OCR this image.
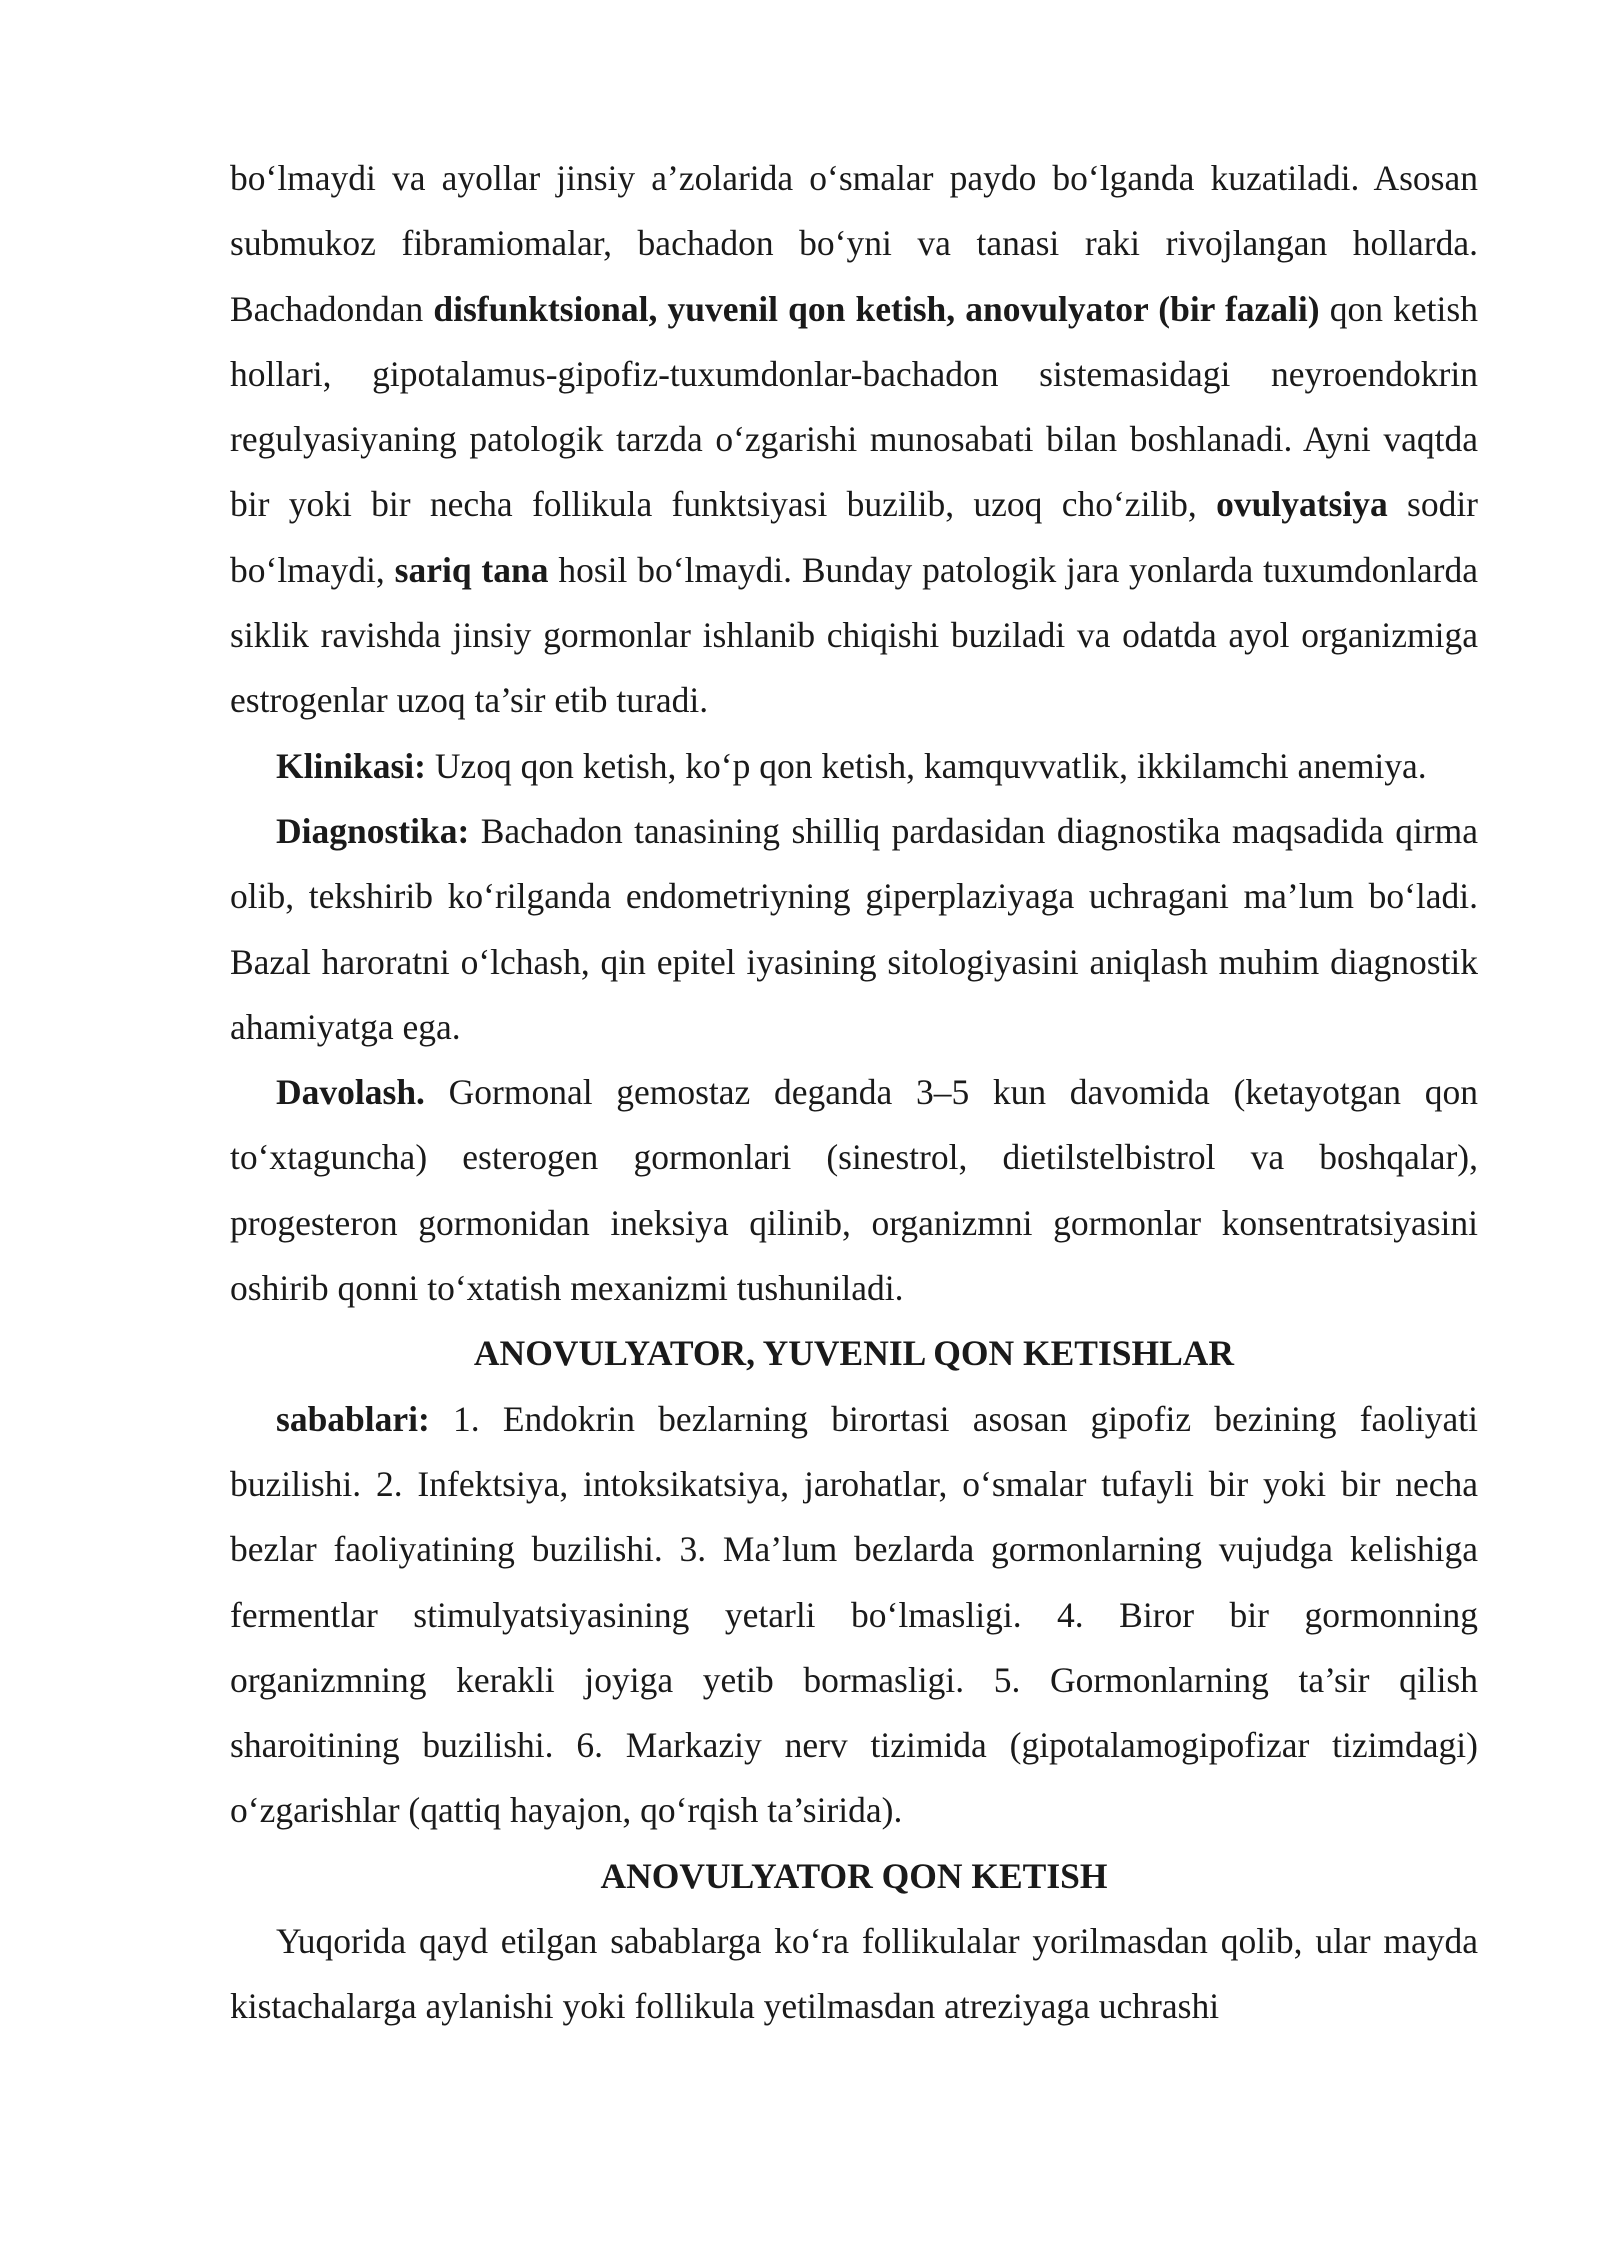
bo‘lmaydi va ayollar jinsiy a’zolarida o‘smalar paydo bo‘lganda kuzatiladi. Asosan submukoz fibramiomalar, bachadon bo‘yni va tanasi raki rivojlangan hollarda. Bachadondan disfunktsional, yuvenil qon ketish, anovulyator (bir fazali) qon ketish hollari, gipotalamus-gipofiz-tuxumdonlar-bachadon sistemasidagi neyroendokrin regulyasiyaning patologik tarzda o‘zgarishi munosabati bilan boshlanadi. Ayni vaqtda bir yoki bir necha follikula funktsiyasi buzilib, uzoq cho‘zilib, ovulyatsiya sodir bo‘lmaydi, sariq tana hosil bo‘lmaydi. Bunday patologik jara yonlarda tuxumdonlarda siklik ravishda jinsiy gormonlar ishlanib chiqishi buziladi va odatda ayol organizmiga estrogenlar uzoq ta’sir etib turadi.

Klinikasi: Uzoq qon ketish, ko‘p qon ketish, kamquvvatlik, ikkilamchi anemiya.

Diagnostika: Bachadon tanasining shilliq pardasidan diagnostika maqsadida qirma olib, tekshirib ko‘rilganda endometriyning giperplaziyaga uchragani ma’lum bo‘ladi. Bazal haroratni o‘lchash, qin epitel iyasining sitologiyasini aniqlash muhim diagnostik ahamiyatga ega.

Davolash. Gormonal gemostaz deganda 3–5 kun davomida (ketayotgan qon to‘xtaguncha) esterogen gormonlari (sinestrol, dietilstelbistrol va boshqalar), progesteron gormonidan ineksiya qilinib, organizmni gormonlar konsentratsiyasini oshirib qonni to‘xtatish mexanizmi tushuniladi.

ANOVULYATOR, YUVENIL QON KETISHLAR

sabablari: 1. Endokrin bezlarning birortasi asosan gipofiz bezining faoliyati buzilishi. 2. Infektsiya, intoksikatsiya, jarohatlar, o‘smalar tufayli bir yoki bir necha bezlar faoliyatining buzilishi. 3. Ma’lum bezlarda gormonlarning vujudga kelishiga fermentlar stimulyatsiyasining yetarli bo‘lmasligi. 4. Biror bir gormonning organizmning kerakli joyiga yetib bormasligi. 5. Gormonlarning ta’sir qilish sharoitining buzilishi. 6. Markaziy nerv tizimida (gipotalamogipofizar tizimdagi) o‘zgarishlar (qattiq hayajon, qo‘rqish ta’sirida).

ANOVULYATOR QON KETISH

Yuqorida qayd etilgan sabablarga ko‘ra follikulalar yorilmasdan qolib, ular mayda kistachalarga aylanishi yoki follikula yetilmasdan atreziyaga uchrashi
